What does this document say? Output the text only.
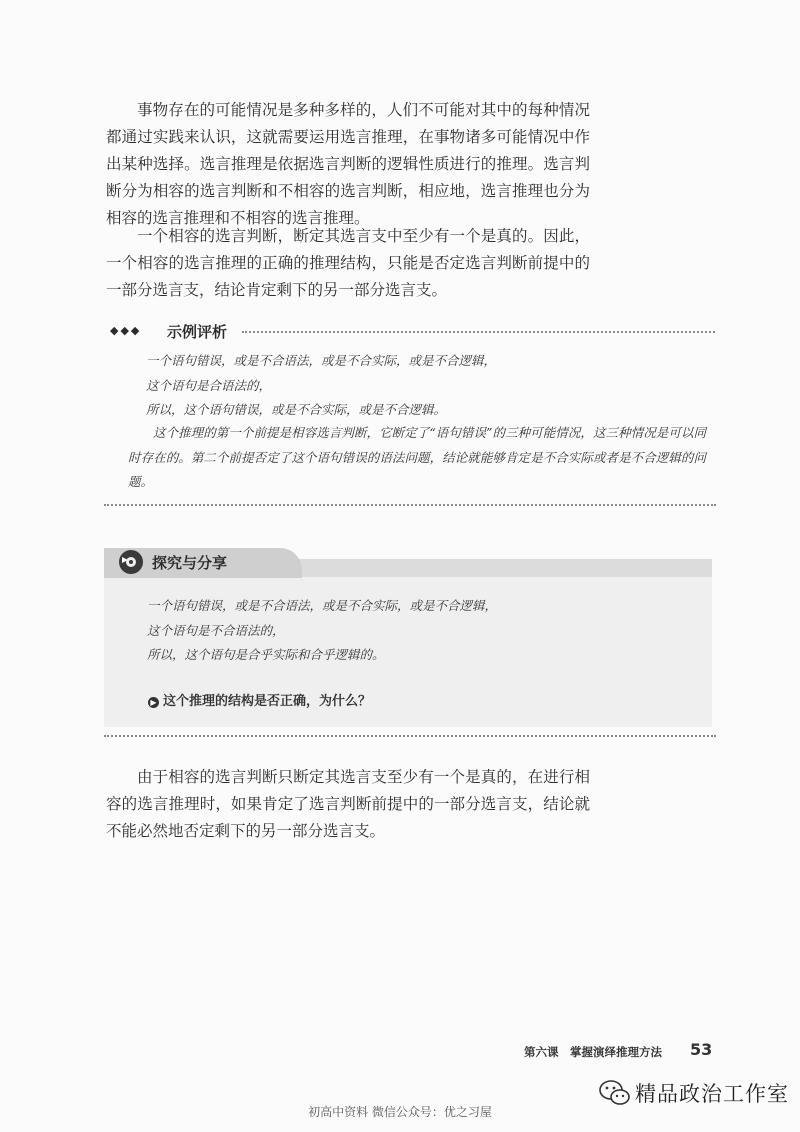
事物存在的可能情况是多种多样的，人们不可能对其中的每种情况都通过实践来认识，这就需要运用选言推理，在事物诸多可能情况中作出某种选择。选言推理是依据选言判断的逻辑性质进行的推理。选言判断分为相容的选言判断和不相容的选言判断，相应地，选言推理也分为相容的选言推理和不相容的选言推理。

一个相容的选言判断，断定其选言支中至少有一个是真的。因此，一个相容的选言推理的正确的推理结构，只能是否定选言判断前提中的一部分选言支，结论肯定剩下的另一部分选言支。

◆◆◆ 示例评析
一个语句错误，或是不合语法，或是不合实际，或是不合逻辑，
这个语句是合语法的，
所以，这个语句错误，或是不合实际，或是不合逻辑。

这个推理的第一个前提是相容选言判断，它断定了“语句错误”的三种可能情况，这三种情况是可以同时存在的。第二个前提否定了这个语句错误的语法问题，结论就能够肯定是不合实际或者是不合逻辑的问题。

探究与分享
一个语句错误，或是不合语法，或是不合实际，或是不合逻辑，
这个语句是不合语法的，
所以，这个语句是合乎实际和合乎逻辑的。
▶ 这个推理的结构是否正确，为什么？

由于相容的选言判断只断定其选言支至少有一个是真的，在进行相容的选言推理时，如果肯定了选言判断前提中的一部分选言支，结论就不能必然地否定剩下的另一部分选言支。

第六课　掌握演绎推理方法 53
精品政治工作室
初高中资料 微信公众号：优之习屋
